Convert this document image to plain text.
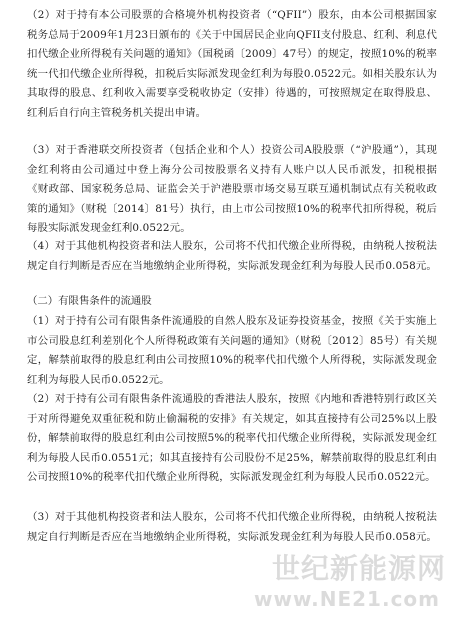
（2）对于持有本公司股票的合格境外机构投资者（“QFII”）股东，由本公司根据国家税务总局于2009年1月23日颁布的《关于中国居民企业向QFII支付股息、红利、利息代扣代缴企业所得税有关问题的通知》（国税函〔2009〕47号）的规定，按照10%的税率统一代扣代缴企业所得税，扣税后实际派发现金红利为每股0.0522元。如相关股东认为其取得的股息、红利收入需要享受税收协定（安排）待遇的，可按照规定在取得股息、红利后自行向主管税务机关提出申请。

（3）对于香港联交所投资者（包括企业和个人）投资公司A股股票（“沪股通”），其现金红利将由公司通过中登上海分公司按股票名义持有人账户以人民币派发，扣税根据《财政部、国家税务总局、证监会关于沪港股票市场交易互联互通机制试点有关税收政策的通知》（财税〔2014〕81号）执行，由上市公司按照10%的税率代扣所得税，税后每股实际派发现金红利0.0522元。

（4）对于其他机构投资者和法人股东，公司将不代扣代缴企业所得税，由纳税人按税法规定自行判断是否应在当地缴纳企业所得税，实际派发现金红利为每股人民币0.058元。

（二）有限售条件的流通股

（1）对于持有公司有限售条件流通股的自然人股东及证券投资基金，按照《关于实施上市公司股息红利差别化个人所得税政策有关问题的通知》（财税〔2012〕85号）有关规定，解禁前取得的股息红利由公司按照10%的税率代扣代缴个人所得税，实际派发现金红利为每股人民币0.0522元。

（2）对于持有公司有限售条件流通股的香港法人股东，按照《内地和香港特别行政区关于对所得避免双重征税和防止偷漏税的安排》有关规定，如其直接持有公司25%以上股份，解禁前取得的股息红利由公司按照5%的税率代扣代缴企业所得税，实际派发现金红利为每股人民币0.0551元；如其直接持有公司股份不足25%，解禁前取得的股息红利由公司按照10%的税率代扣代缴企业所得税，实际派发现金红利为每股人民币0.0522元。

（3）对于其他机构投资者和法人股东，公司将不代扣代缴企业所得税，由纳税人按税法规定自行判断是否应在当地缴纳企业所得税，实际派发现金红利为每股人民币0.058元。

世纪新能源网
www.NE21.com
